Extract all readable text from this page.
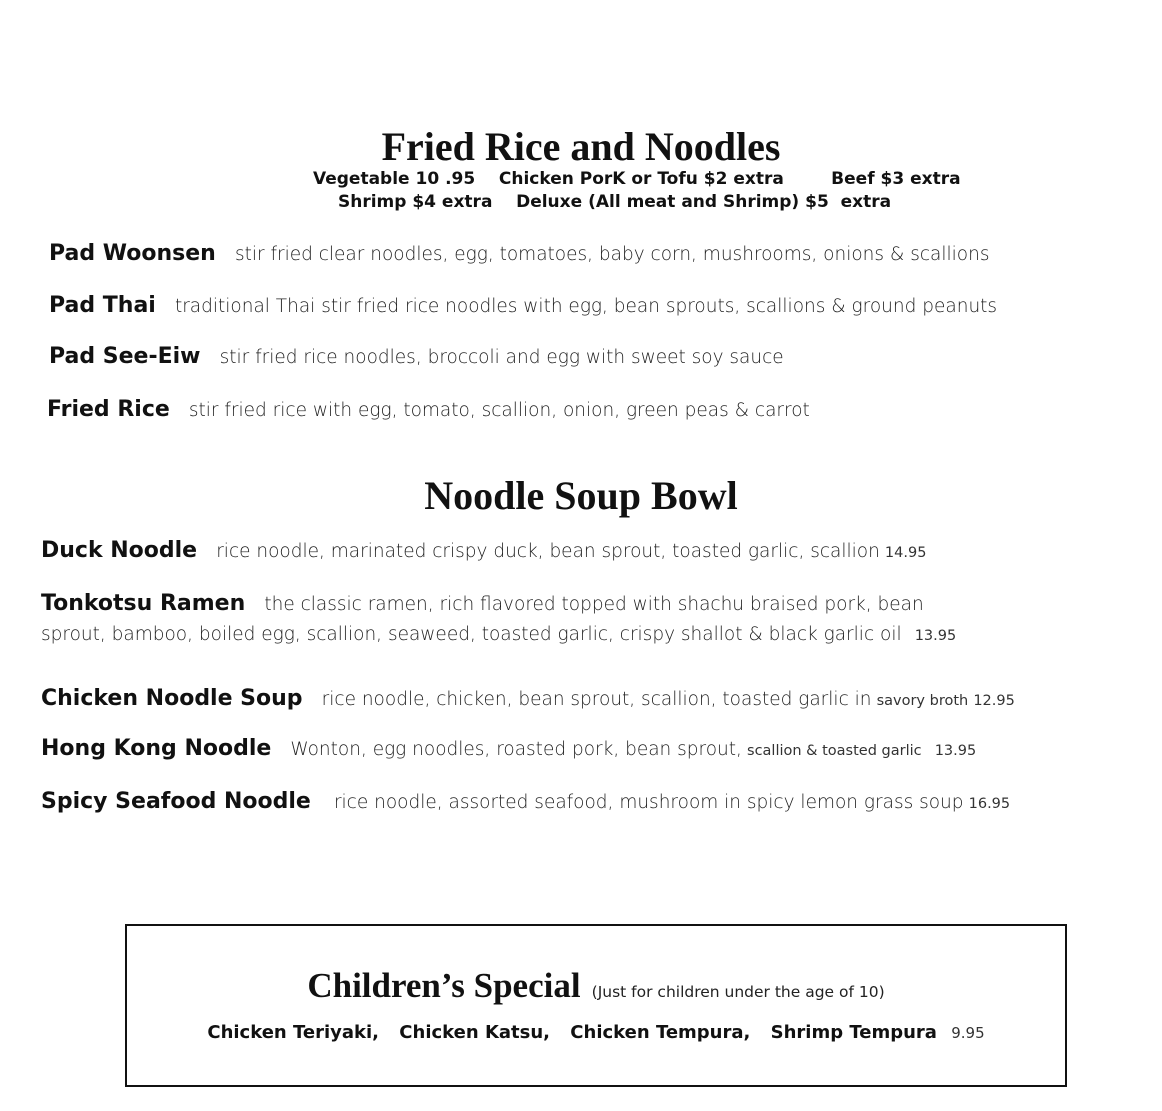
Fried Rice and Noodles
Vegetable 10 .95    Chicken PorK or Tofu $2 extra        Beef $3 extra
Shrimp $4 extra    Deluxe (All meat and Shrimp) $5  extra
Pad Woonsen stir fried clear noodles, egg, tomatoes, baby corn, mushrooms, onions & scallions
Pad Thai traditional Thai stir fried rice noodles with egg, bean sprouts, scallions & ground peanuts
Pad See-Eiw stir fried rice noodles, broccoli and egg with sweet soy sauce
Fried Rice stir fried rice with egg, tomato, scallion, onion, green peas & carrot
Noodle Soup Bowl
Duck Noodle rice noodle, marinated crispy duck, bean sprout, toasted garlic, scallion 14.95
Tonkotsu Ramen the classic ramen, rich flavored topped with shachu braised pork, bean
sprout, bamboo, boiled egg, scallion, seaweed, toasted garlic, crispy shallot & black garlic oil 13.95
Chicken Noodle Soup rice noodle, chicken, bean sprout, scallion, toasted garlic in savory broth 12.95
Hong Kong Noodle Wonton, egg noodles, roasted pork, bean sprout, scallion & toasted garlic 13.95
Spicy Seafood Noodle rice noodle, assorted seafood, mushroom in spicy lemon grass soup 16.95
Children’s Special (Just for children under the age of 10)
Chicken Teriyaki, Chicken Katsu, Chicken Tempura, Shrimp Tempura 9.95
